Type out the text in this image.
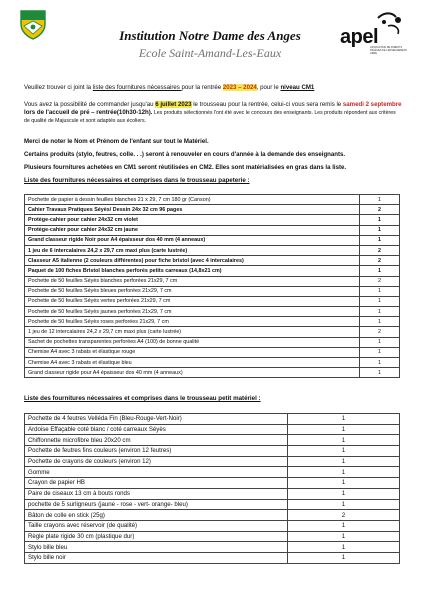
apel
ASSOCIATION DE PARENTS D'ÉLÈVES DE L'ENSEIGNEMENT LIBRE
Institution Notre Dame des Anges
Ecole Saint-Amand-Les-Eaux
Veuillez trouver ci joint la liste des fournitures nécessaires pour la rentrée 2023 – 2024, pour le niveau CM1
Vous avez la possibilité de commander jusqu'au 6 juillet 2023 le trousseau pour la rentrée, celui-ci vous sera remis le samedi 2 septembre lors de l'accueil de pré – rentrée(10h30-12h). Les produits sélectionnés l'ont été avec le concours des enseignants. Les produits répondent aux critères de qualité de Majuscule et sont adaptés aux écoliers.
Merci de noter le Nom et Prénom de l'enfant sur tout le Matériel.
Certains produits (stylo, feutres, colle. . .) seront à renouveler en cours d'année à la demande des enseignants.
Plusieurs fournitures achetées en CM1 seront réutilisées en CM2. Elles sont matérialisées en gras dans la liste.
Liste des fournitures nécessaires et comprises dans le trousseau papeterie :
Pochette de papier à dessin feuilles blanches 21 x 29, 7 cm 180 gr (Canson)	1
Cahier Travaux Pratiques Séyès/ Dessin 24x 32 cm 96 pages	2
Protège-cahier pour cahier 24x32 cm violet	1
Protège-cahier pour cahier 24x32 cm jaune	1
Grand classeur rigide Noir pour A4 épaisseur dos 40 mm (4 anneaux)	1
1 jeu de 6 intercalaires 24,2 x 29,7 cm maxi plus (carte lustrée)	2
Classeur A5 italienne (2 couleurs différentes) pour fiche bristol (avec 4 intercalaires)	2
Paquet de 100 fiches Bristol blanches perforés petits carreaux (14,8x21 cm)	1
Pochette de 50 feuilles Séyès blanches perforées 21x29, 7 cm	2
Pochette de 50 feuilles Séyès bleues perforées 21x29, 7 cm	1
Pochette de 50 feuilles Séyès vertes perforées 21x29, 7 cm	1
Pochette de 50 feuilles Séyès jaunes perforées 21x29, 7 cm	1
Pochette de 50 feuilles Séyès roses perforées 21x29, 7 cm	1
1 jeu de 12 intercalaires 24,2 x 29,7 cm maxi plus (carte lustrée)	2
Sachet de pochettes transparentes perforées A4 (100) de bonne qualité	1
Chemise A4 avec 3 rabats et élastique rouge	1
Chemise A4 avec 3 rabats et élastique bleu	1
Grand classeur rigide pour A4 épaisseur dos 40 mm (4 anneaux)	1
Liste des fournitures nécessaires et comprises dans le trousseau petit matériel :
Pochette de 4 feutres Velléda Fin (Bleu-Rouge-Vert-Noir)	1
Ardoise Effaçable coté blanc / coté carreaux Séyès	1
Chiffonnette microfibre bleu 20x20 cm	1
Pochette de feutres fins couleurs (environ 12 feutres)	1
Pochette de crayons de couleurs (environ 12)	1
Gomme	1
Crayon de papier HB	1
Paire de ciseaux 13 cm à bouts ronds	1
pochette de 5 surligneurs (jaune - rose - vert- orange- bleu)	1
Bâton de colle en stick (25g)	2
Taille crayons avec réservoir (de qualité)	1
Règle plate rigide 30 cm (plastique dur)	1
Stylo bille bleu	1
Stylo bille noir	1
